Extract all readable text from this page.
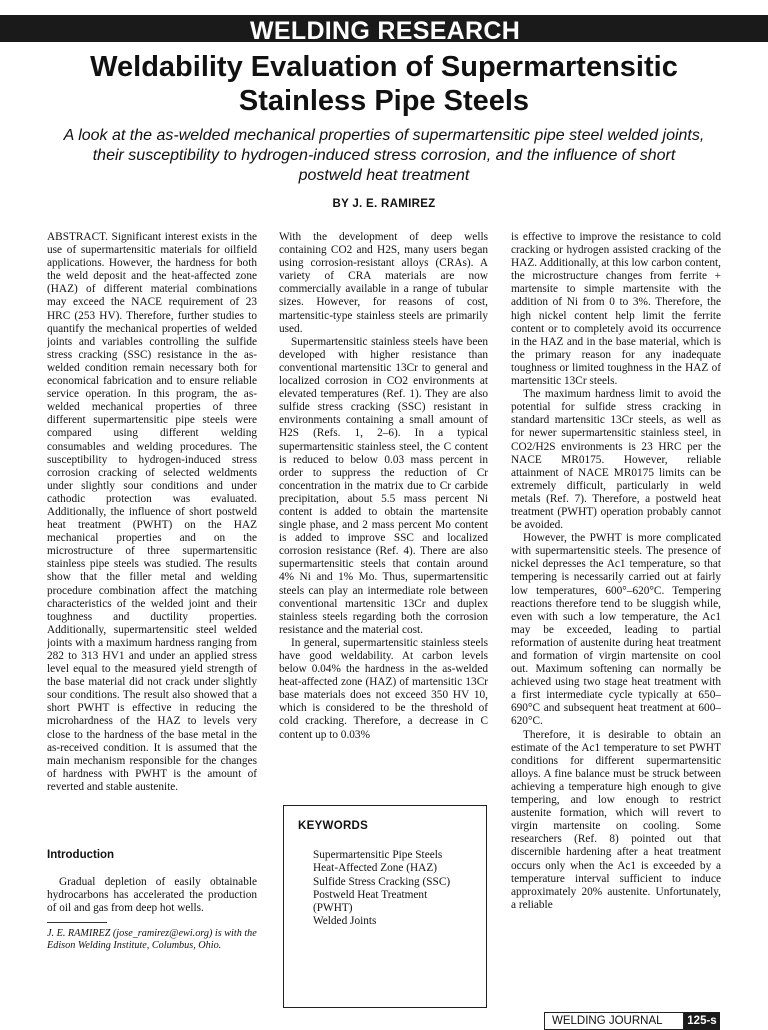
WELDING RESEARCH
Weldability Evaluation of Supermartensitic
Stainless Pipe Steels

A look at the as-welded mechanical properties of supermartensitic pipe steel welded joints, their susceptibility to hydrogen-induced stress corrosion, and the influence of short postweld heat treatment

BY J. E. RAMIREZ

ABSTRACT. Significant interest exists in the use of supermartensitic materials for oilfield applications. However, the hardness for both the weld deposit and the heat-affected zone (HAZ) of different material combinations may exceed the NACE requirement of 23 HRC (253 HV). Therefore, further studies to quantify the mechanical properties of welded joints and variables controlling the sulfide stress cracking (SSC) resistance in the as-welded condition remain necessary both for economical fabrication and to ensure reliable service operation. In this program, the as-welded mechanical properties of three different supermartensitic pipe steels were compared using different welding consumables and welding procedures. The susceptibility to hydrogen-induced stress corrosion cracking of selected weldments under slightly sour conditions and under cathodic protection was evaluated. Additionally, the influence of short postweld heat treatment (PWHT) on the HAZ mechanical properties and on the microstructure of three supermartensitic stainless pipe steels was studied. The results show that the filler metal and welding procedure combination affect the matching characteristics of the welded joint and their toughness and ductility properties. Additionally, supermartensitic steel welded joints with a maximum hardness ranging from 282 to 313 HV1 and under an applied stress level equal to the measured yield strength of the base material did not crack under slightly sour conditions. The result also showed that a short PWHT is effective in reducing the microhardness of the HAZ to levels very close to the hardness of the base metal in the as-received condition. It is assumed that the main mechanism responsible for the changes of hardness with PWHT is the amount of reverted and stable austenite.

Introduction

Gradual depletion of easily obtainable hydrocarbons has accelerated the production of oil and gas from deep hot wells.

J. E. RAMIREZ (jose_ramirez@ewi.org) is with the Edison Welding Institute, Columbus, Ohio.

With the development of deep wells containing CO2 and H2S, many users began using corrosion-resistant alloys (CRAs). A variety of CRA materials are now commercially available in a range of tubular sizes. However, for reasons of cost, martensitic-type stainless steels are primarily used.

Supermartensitic stainless steels have been developed with higher resistance than conventional martensitic 13Cr to general and localized corrosion in CO2 environments at elevated temperatures (Ref. 1). They are also sulfide stress cracking (SSC) resistant in environments containing a small amount of H2S (Refs. 1, 2–6). In a typical supermartensitic stainless steel, the C content is reduced to below 0.03 mass percent in order to suppress the reduction of Cr concentration in the matrix due to Cr carbide precipitation, about 5.5 mass percent Ni content is added to obtain the martensite single phase, and 2 mass percent Mo content is added to improve SSC and localized corrosion resistance (Ref. 4). There are also supermartensitic steels that contain around 4% Ni and 1% Mo. Thus, supermartensitic steels can play an intermediate role between conventional martensitic 13Cr and duplex stainless steels regarding both the corrosion resistance and the material cost.

In general, supermartensitic stainless steels have good weldability. At carbon levels below 0.04% the hardness in the as-welded heat-affected zone (HAZ) of martensitic 13Cr base materials does not exceed 350 HV 10, which is considered to be the threshold of cold cracking. Therefore, a decrease in C content up to 0.03%

KEYWORDS
Supermartensitic Pipe Steels
Heat-Affected Zone (HAZ)
Sulfide Stress Cracking (SSC)
Postweld Heat Treatment
(PWHT)
Welded Joints

is effective to improve the resistance to cold cracking or hydrogen assisted cracking of the HAZ. Additionally, at this low carbon content, the microstructure changes from ferrite + martensite to simple martensite with the addition of Ni from 0 to 3%. Therefore, the high nickel content help limit the ferrite content or to completely avoid its occurrence in the HAZ and in the base material, which is the primary reason for any inadequate toughness or limited toughness in the HAZ of martensitic 13Cr steels.

The maximum hardness limit to avoid the potential for sulfide stress cracking in standard martensitic 13Cr steels, as well as for newer supermartensitic stainless steel, in CO2/H2S environments is 23 HRC per the NACE MR0175. However, reliable attainment of NACE MR0175 limits can be extremely difficult, particularly in weld metals (Ref. 7). Therefore, a postweld heat treatment (PWHT) operation probably cannot be avoided.

However, the PWHT is more complicated with supermartensitic steels. The presence of nickel depresses the Ac1 temperature, so that tempering is necessarily carried out at fairly low temperatures, 600°–620°C. Tempering reactions therefore tend to be sluggish while, even with such a low temperature, the Ac1 may be exceeded, leading to partial reformation of austenite during heat treatment and formation of virgin martensite on cool out. Maximum softening can normally be achieved using two stage heat treatment with a first intermediate cycle typically at 650–690°C and subsequent heat treatment at 600–620°C.

Therefore, it is desirable to obtain an estimate of the Ac1 temperature to set PWHT conditions for different supermartensitic alloys. A fine balance must be struck between achieving a temperature high enough to give tempering, and low enough to restrict austenite formation, which will revert to virgin martensite on cooling. Some researchers (Ref. 8) pointed out that discernible hardening after a heat treatment occurs only when the Ac1 is exceeded by a temperature interval sufficient to induce approximately 20% austenite. Unfortunately, a reliable

WELDING JOURNAL 125-s
